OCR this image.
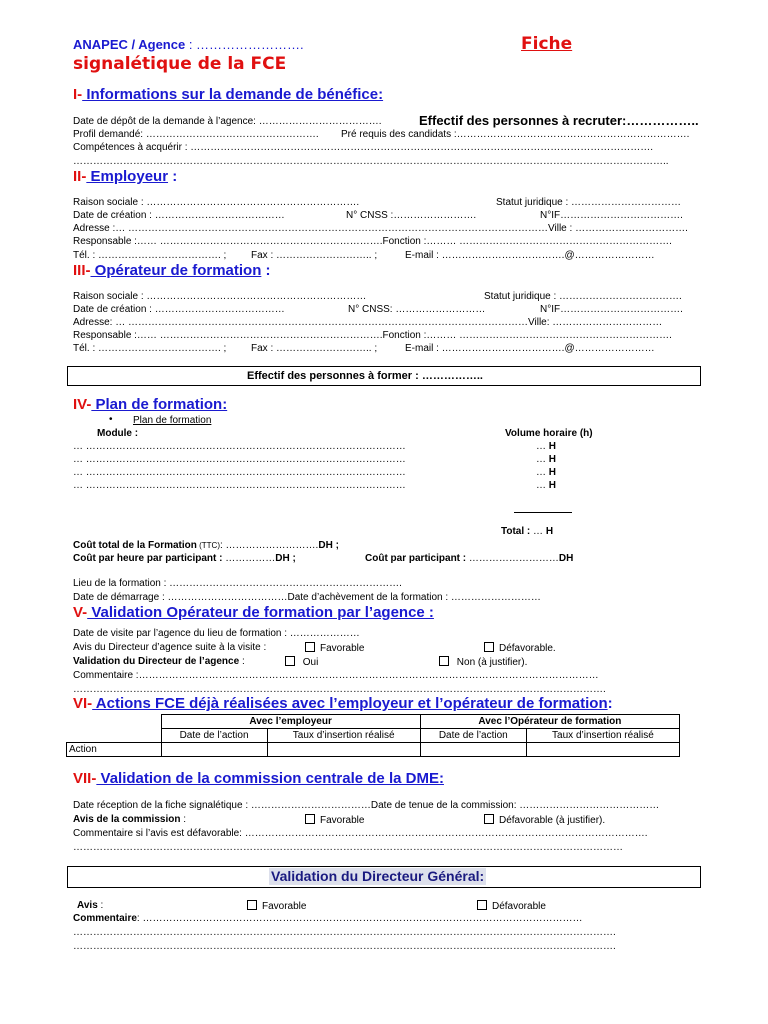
ANAPEC / Agence : …………………….	Fiche
signalétique de la FCE
I- Informations sur la demande de bénéfice:
Date de dépôt de la demande à l’agence: ……………………………….	Effectif des personnes à recruter:……………..
Profil demandé: ……………………………………………. Pré requis des candidats :…………………………………………………………….
Compétences à acquérir : ………………………………………………………………………………………………………………………….
……………………………………………………………………………………………………………………………………………………………..
II- Employeur :
Raison sociale : ……………………………………………………….	Statut juridique : ……………………………
Date de création : …………………………………	N° CNSS :…………………….	N°IF……………………………….
Adresse :… ………………………………………………………………………………………………………………Ville : …………………………….
Responsable :…… ………………………………………………………….Fonction :……… ……………………………………………………….
Tél. : ………………………………. ; Fax : ……………………….. ;	E-mail : ……………………………….@……………………
III- Opérateur de formation :
Raison sociale : …………………………………………………………	Statut juridique : ……………………………….
Date de création : …………………………………	N° CNSS: ………………………	N°IF……………………………….
Adresse: … …………………………………………………………………………………………………………Ville: ……………………………
Responsable :…… ………………………………………………………….Fonction :……… ……………………………………………………….
Tél. : ………………………………. ; Fax : ……………………….. ;	E-mail : ……………………………….@……………………
Effectif des personnes à former : ……………..
IV- Plan de formation:
• Plan de formation
Module :	Volume horaire (h)
… ……………………………………………………………………………………	… H
… ……………………………………………………………………………………	… H
… ……………………………………………………………………………………	… H
… ……………………………………………………………………………………	… H
Total : … H
Coût total de la Formation (TTC): ……………………….DH ;
Coût par heure par participant : ……………DH ;	Coût par participant : ………………………DH
Lieu de la formation : …………………………………………………………….
Date de démarrage : ………………………………Date d’achèvement de la formation : ………………………
V- Validation Opérateur de formation par l’agence :
Date de visite par l’agence du lieu de formation : …………………
Avis du Directeur d’agence suite à la visite :	Favorable	Défavorable.
Validation du Directeur de l’agence :	Oui	Non (à justifier).
Commentaire :…………………………………………………………………………………………………………………………
…………………………………………………………………………………………………………………………………………….
VI- Actions FCE déjà réalisées avec l’employeur et l’opérateur de formation:
	Avec l’employeur		Avec l’Opérateur de formation	
	Date de l’action	Taux d’insertion réalisé	Date de l’action	Taux d’insertion réalisé
Action				
VII- Validation de la commission centrale de la DME:
Date réception de la fiche signalétique : ………………………………Date de tenue de la commission: ……………………………………
Avis de la commission :	Favorable	Défavorable (à justifier).
Commentaire si l’avis est défavorable: ………………………………………………………………………………………………………….
…………………………………………………………………………………………………………………………………………………
Validation du Directeur Général:
Avis :	Favorable	Défavorable
Commentaire: ……………………………………………………………………………………………………………………
……………………………………………………………………………………………………………………………………………….
……………………………………………………………………………………………………………………………………………….
